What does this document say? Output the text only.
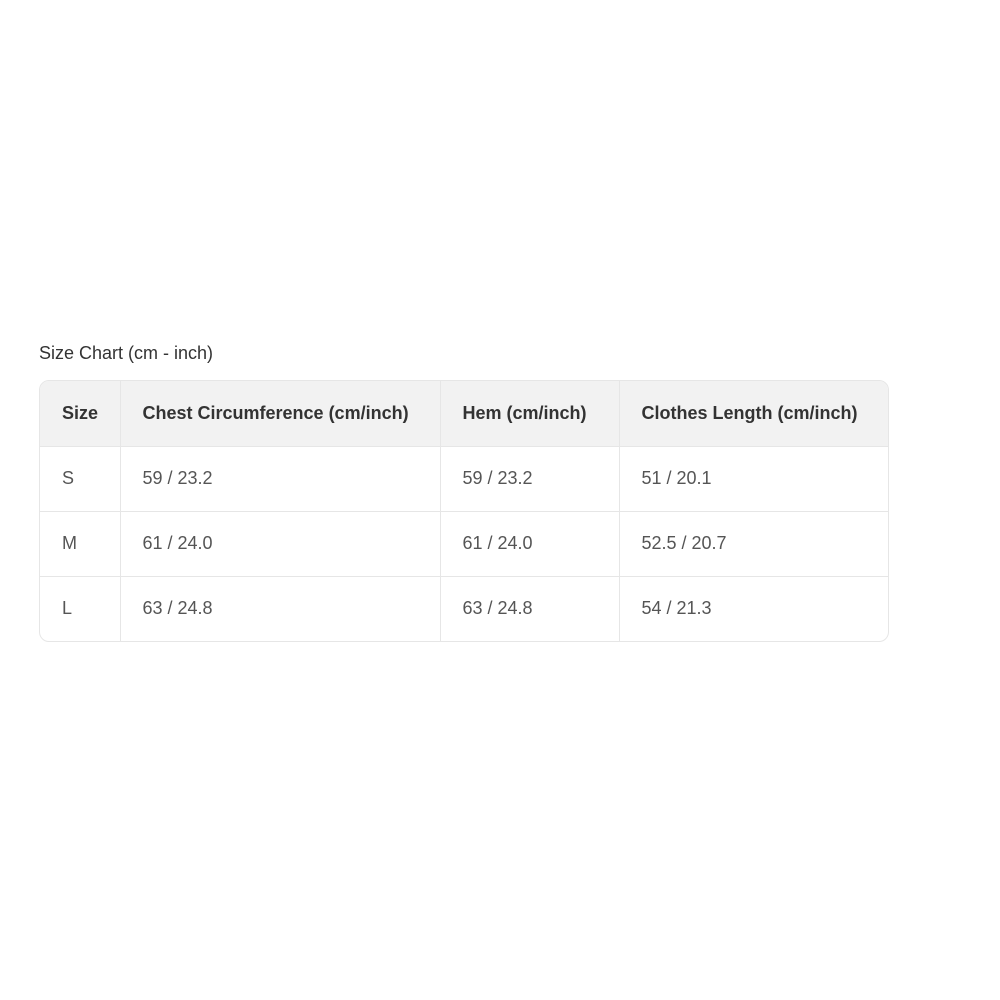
Size Chart (cm - inch)
Size	Chest Circumference (cm/inch)	Hem (cm/inch)	Clothes Length (cm/inch)
S	59 / 23.2	59 / 23.2	51 / 20.1
M	61 / 24.0	61 / 24.0	52.5 / 20.7
L	63 / 24.8	63 / 24.8	54 / 21.3
